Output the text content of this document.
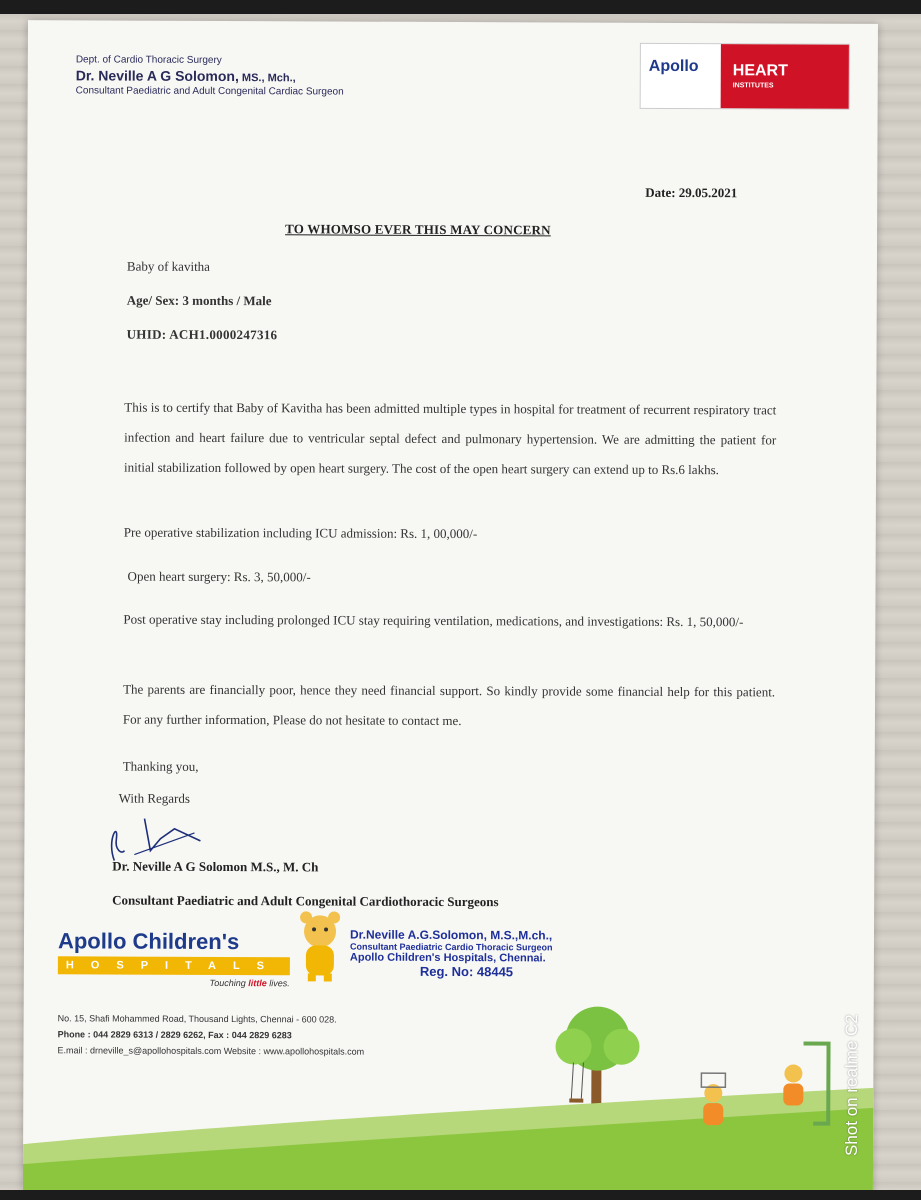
Dept. of Cardio Thoracic Surgery
Dr. Neville A G Solomon, MS., Mch.,
Consultant Paediatric and Adult Congenital Cardiac Surgeon
Apollo HEART
INSTITUTES
Date: 29.05.2021
TO WHOMSO EVER THIS MAY CONCERN
Baby of kavitha
Age/ Sex: 3 months / Male
UHID: ACH1.0000247316
This is to certify that Baby of Kavitha has been admitted multiple types in hospital for treatment of recurrent respiratory tract infection and heart failure due to ventricular septal defect and pulmonary hypertension. We are admitting the patient for initial stabilization followed by open heart surgery. The cost of the open heart surgery can extend up to Rs.6 lakhs.
Pre operative stabilization including ICU admission: Rs. 1, 00,000/-
Open heart surgery: Rs. 3, 50,000/-
Post operative stay including prolonged ICU stay requiring ventilation, medications, and investigations: Rs. 1, 50,000/-
The parents are financially poor, hence they need financial support. So kindly provide some financial help for this patient. For any further information, Please do not hesitate to contact me.
Thanking you,
With Regards
Dr. Neville A G Solomon M.S., M. Ch
Consultant Paediatric and Adult Congenital Cardiothoracic Surgeons
Apollo Children's
HOSPITALS
Touching little lives.
Dr.Neville A.G.Solomon, M.S.,M.ch.,
Consultant Paediatric Cardio Thoracic Surgeon
Apollo Children's Hospitals, Chennai.
Reg. No: 48445
No. 15, Shafi Mohammed Road, Thousand Lights, Chennai - 600 028.
Phone : 044 2829 6313 / 2829 6262, Fax : 044 2829 6283
E.mail : drneville_s@apollohospitals.com Website : www.apollohospitals.com	Shot on realme C2
